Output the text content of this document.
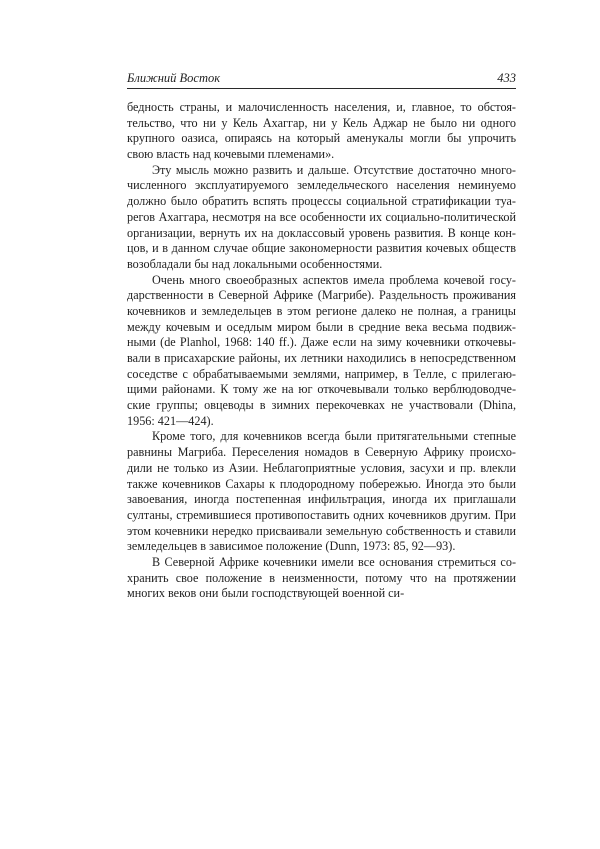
Ближний Восток	433

бедность страны, и малочисленность населения, и, главное, то обстоя-
тельство, что ни у Кель Ахаггар, ни у Кель Аджар не было ни одного
крупного оазиса, опираясь на который аменукалы могли бы упрочить
свою власть над кочевыми племенами».

Эту мысль можно развить и дальше. Отсутствие достаточно много-
численного эксплуатируемого земледельческого населения неминуемо
должно было обратить вспять процессы социальной стратификации туа-
регов Ахаггара, несмотря на все особенности их социально-политической
организации, вернуть их на доклассовый уровень развития. В конце кон-
цов, и в данном случае общие закономерности развития кочевых обществ
возобладали бы над локальными особенностями.

Очень много своеобразных аспектов имела проблема кочевой госу-
дарственности в Северной Африке (Магрибе). Раздельность проживания
кочевников и земледельцев в этом регионе далеко не полная, а границы
между кочевым и оседлым миром были в средние века весьма подвиж-
ными (de Planhol, 1968: 140 ff.). Даже если на зиму кочевники откочевы-
вали в присахарские районы, их летники находились в непосредственном
соседстве с обрабатываемыми землями, например, в Телле, с прилегаю-
щими районами. К тому же на юг откочевывали только верблюдоводче-
ские группы; овцеводы в зимних перекочевках не участвовали (Dhina,
1956: 421—424).

Кроме того, для кочевников всегда были притягательными степные
равнины Магриба. Переселения номадов в Северную Африку происхо-
дили не только из Азии. Неблагоприятные условия, засухи и пр. влекли
также кочевников Сахары к плодородному побережью. Иногда это были
завоевания, иногда постепенная инфильтрация, иногда их приглашали
султаны, стремившиеся противопоставить одних кочевников другим. При
этом кочевники нередко присваивали земельную собственность и ставили
земледельцев в зависимое положение (Dunn, 1973: 85, 92—93).

В Северной Африке кочевники имели все основания стремиться со-
хранить свое положение в неизменности, потому что на протяжении
многих веков они были господствующей военной си-
